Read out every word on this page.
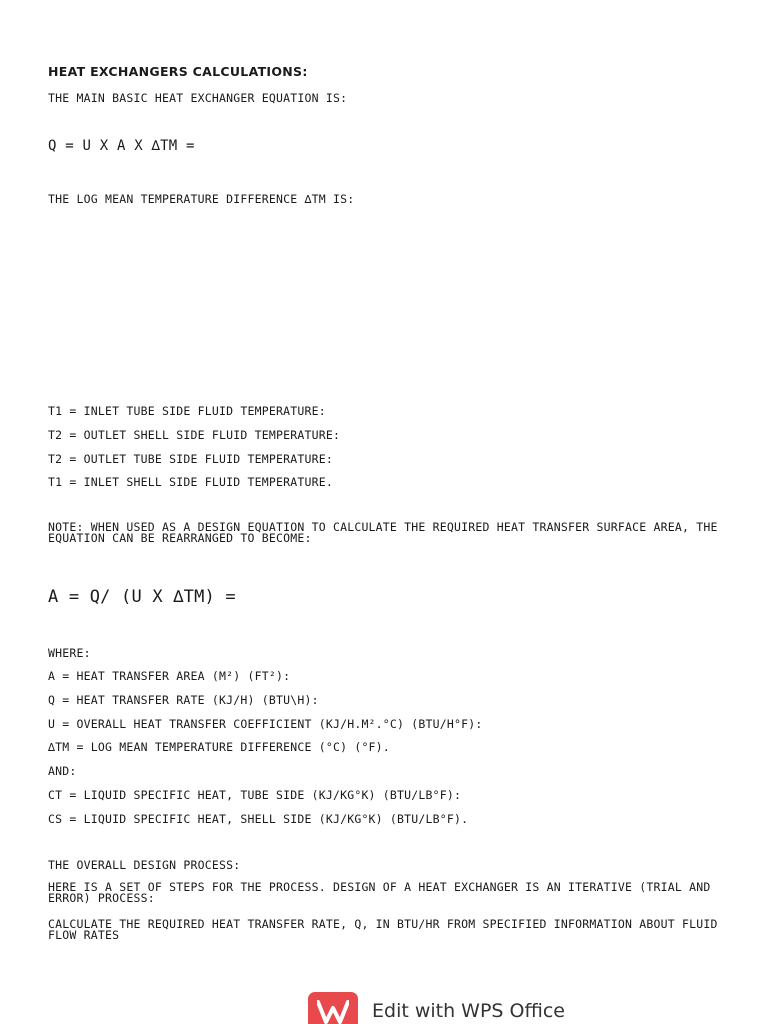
HEAT EXCHANGERS CALCULATIONS:

THE MAIN BASIC HEAT EXCHANGER EQUATION IS:

Q = U X A X ∆TM =

THE LOG MEAN TEMPERATURE DIFFERENCE ∆TM IS:

T1 = INLET TUBE SIDE FLUID TEMPERATURE:

T2 = OUTLET SHELL SIDE FLUID TEMPERATURE:

T2 = OUTLET TUBE SIDE FLUID TEMPERATURE:

T1 = INLET SHELL SIDE FLUID TEMPERATURE.

NOTE: WHEN USED AS A DESIGN EQUATION TO CALCULATE THE REQUIRED HEAT TRANSFER SURFACE AREA, THE EQUATION CAN BE REARRANGED TO BECOME:

A = Q/ (U X ∆TM) =

WHERE:

A = HEAT TRANSFER AREA (M²) (FT²):

Q = HEAT TRANSFER RATE (KJ/H) (BTU\H):

U = OVERALL HEAT TRANSFER COEFFICIENT (KJ/H.M².°C) (BTU/H°F):

∆TM = LOG MEAN TEMPERATURE DIFFERENCE (°C) (°F).

AND:

CT = LIQUID SPECIFIC HEAT, TUBE SIDE (KJ/KG°K) (BTU/LB°F):

CS = LIQUID SPECIFIC HEAT, SHELL SIDE (KJ/KG°K) (BTU/LB°F).

THE OVERALL DESIGN PROCESS:

HERE IS A SET OF STEPS FOR THE PROCESS. DESIGN OF A HEAT EXCHANGER IS AN ITERATIVE (TRIAL AND ERROR) PROCESS:

CALCULATE THE REQUIRED HEAT TRANSFER RATE, Q, IN BTU/HR FROM SPECIFIED INFORMATION ABOUT FLUID FLOW RATES

Edit with WPS Office
